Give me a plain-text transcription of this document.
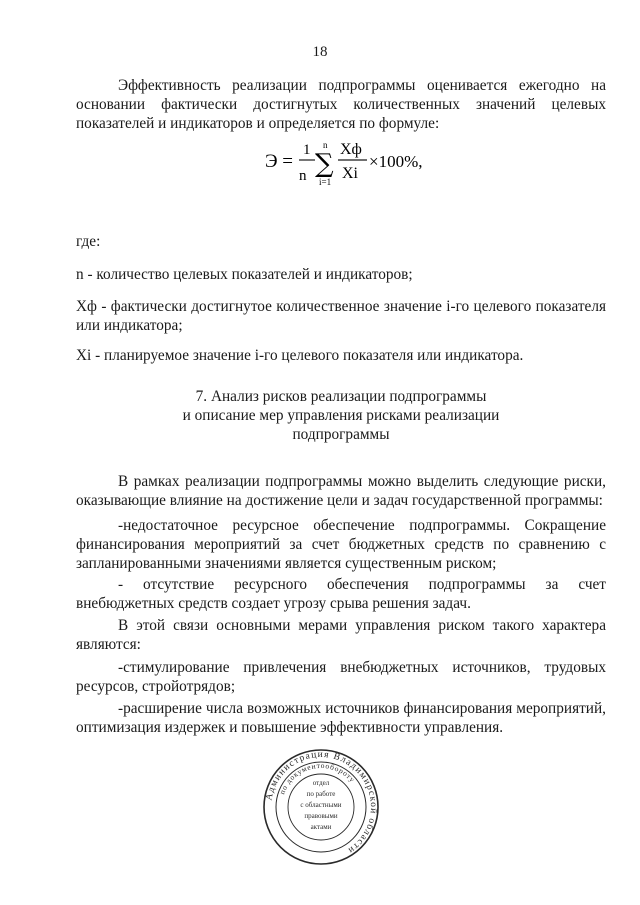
18

Эффективность реализации подпрограммы оценивается ежегодно на основании фактически достигнутых количественных значений целевых показателей и индикаторов и определяется по формуле:

Э =
1
n
n
∑
i=1
Хф
Xi
×100%,

где:

n - количество целевых показателей и индикаторов;

Хф - фактически достигнутое количественное значение i-го целевого показателя или индикатора;

Xi - планируемое значение i-го целевого показателя или индикатора.

7. Анализ рисков реализации подпрограммы
и описание мер управления рисками реализации
подпрограммы

В рамках реализации подпрограммы можно выделить следующие риски, оказывающие влияние на достижение цели и задач государственной программы:

-недостаточное ресурсное обеспечение подпрограммы. Сокращение финансирования мероприятий за счет бюджетных средств по сравнению с запланированными значениями является существенным риском;

- отсутствие ресурсного обеспечения подпрограммы за счет внебюджетных средств создает угрозу срыва решения задач.

В этой связи основными мерами управления риском такого характера являются:

-стимулирование привлечения внебюджетных источников, трудовых ресурсов, стройотрядов;

-расширение числа возможных источников финансирования мероприятий, оптимизация издержек и повышение эффективности управления.

Администрация Владимирской области
по документообороту
отдел
по работе
с областными
правовыми
актами
